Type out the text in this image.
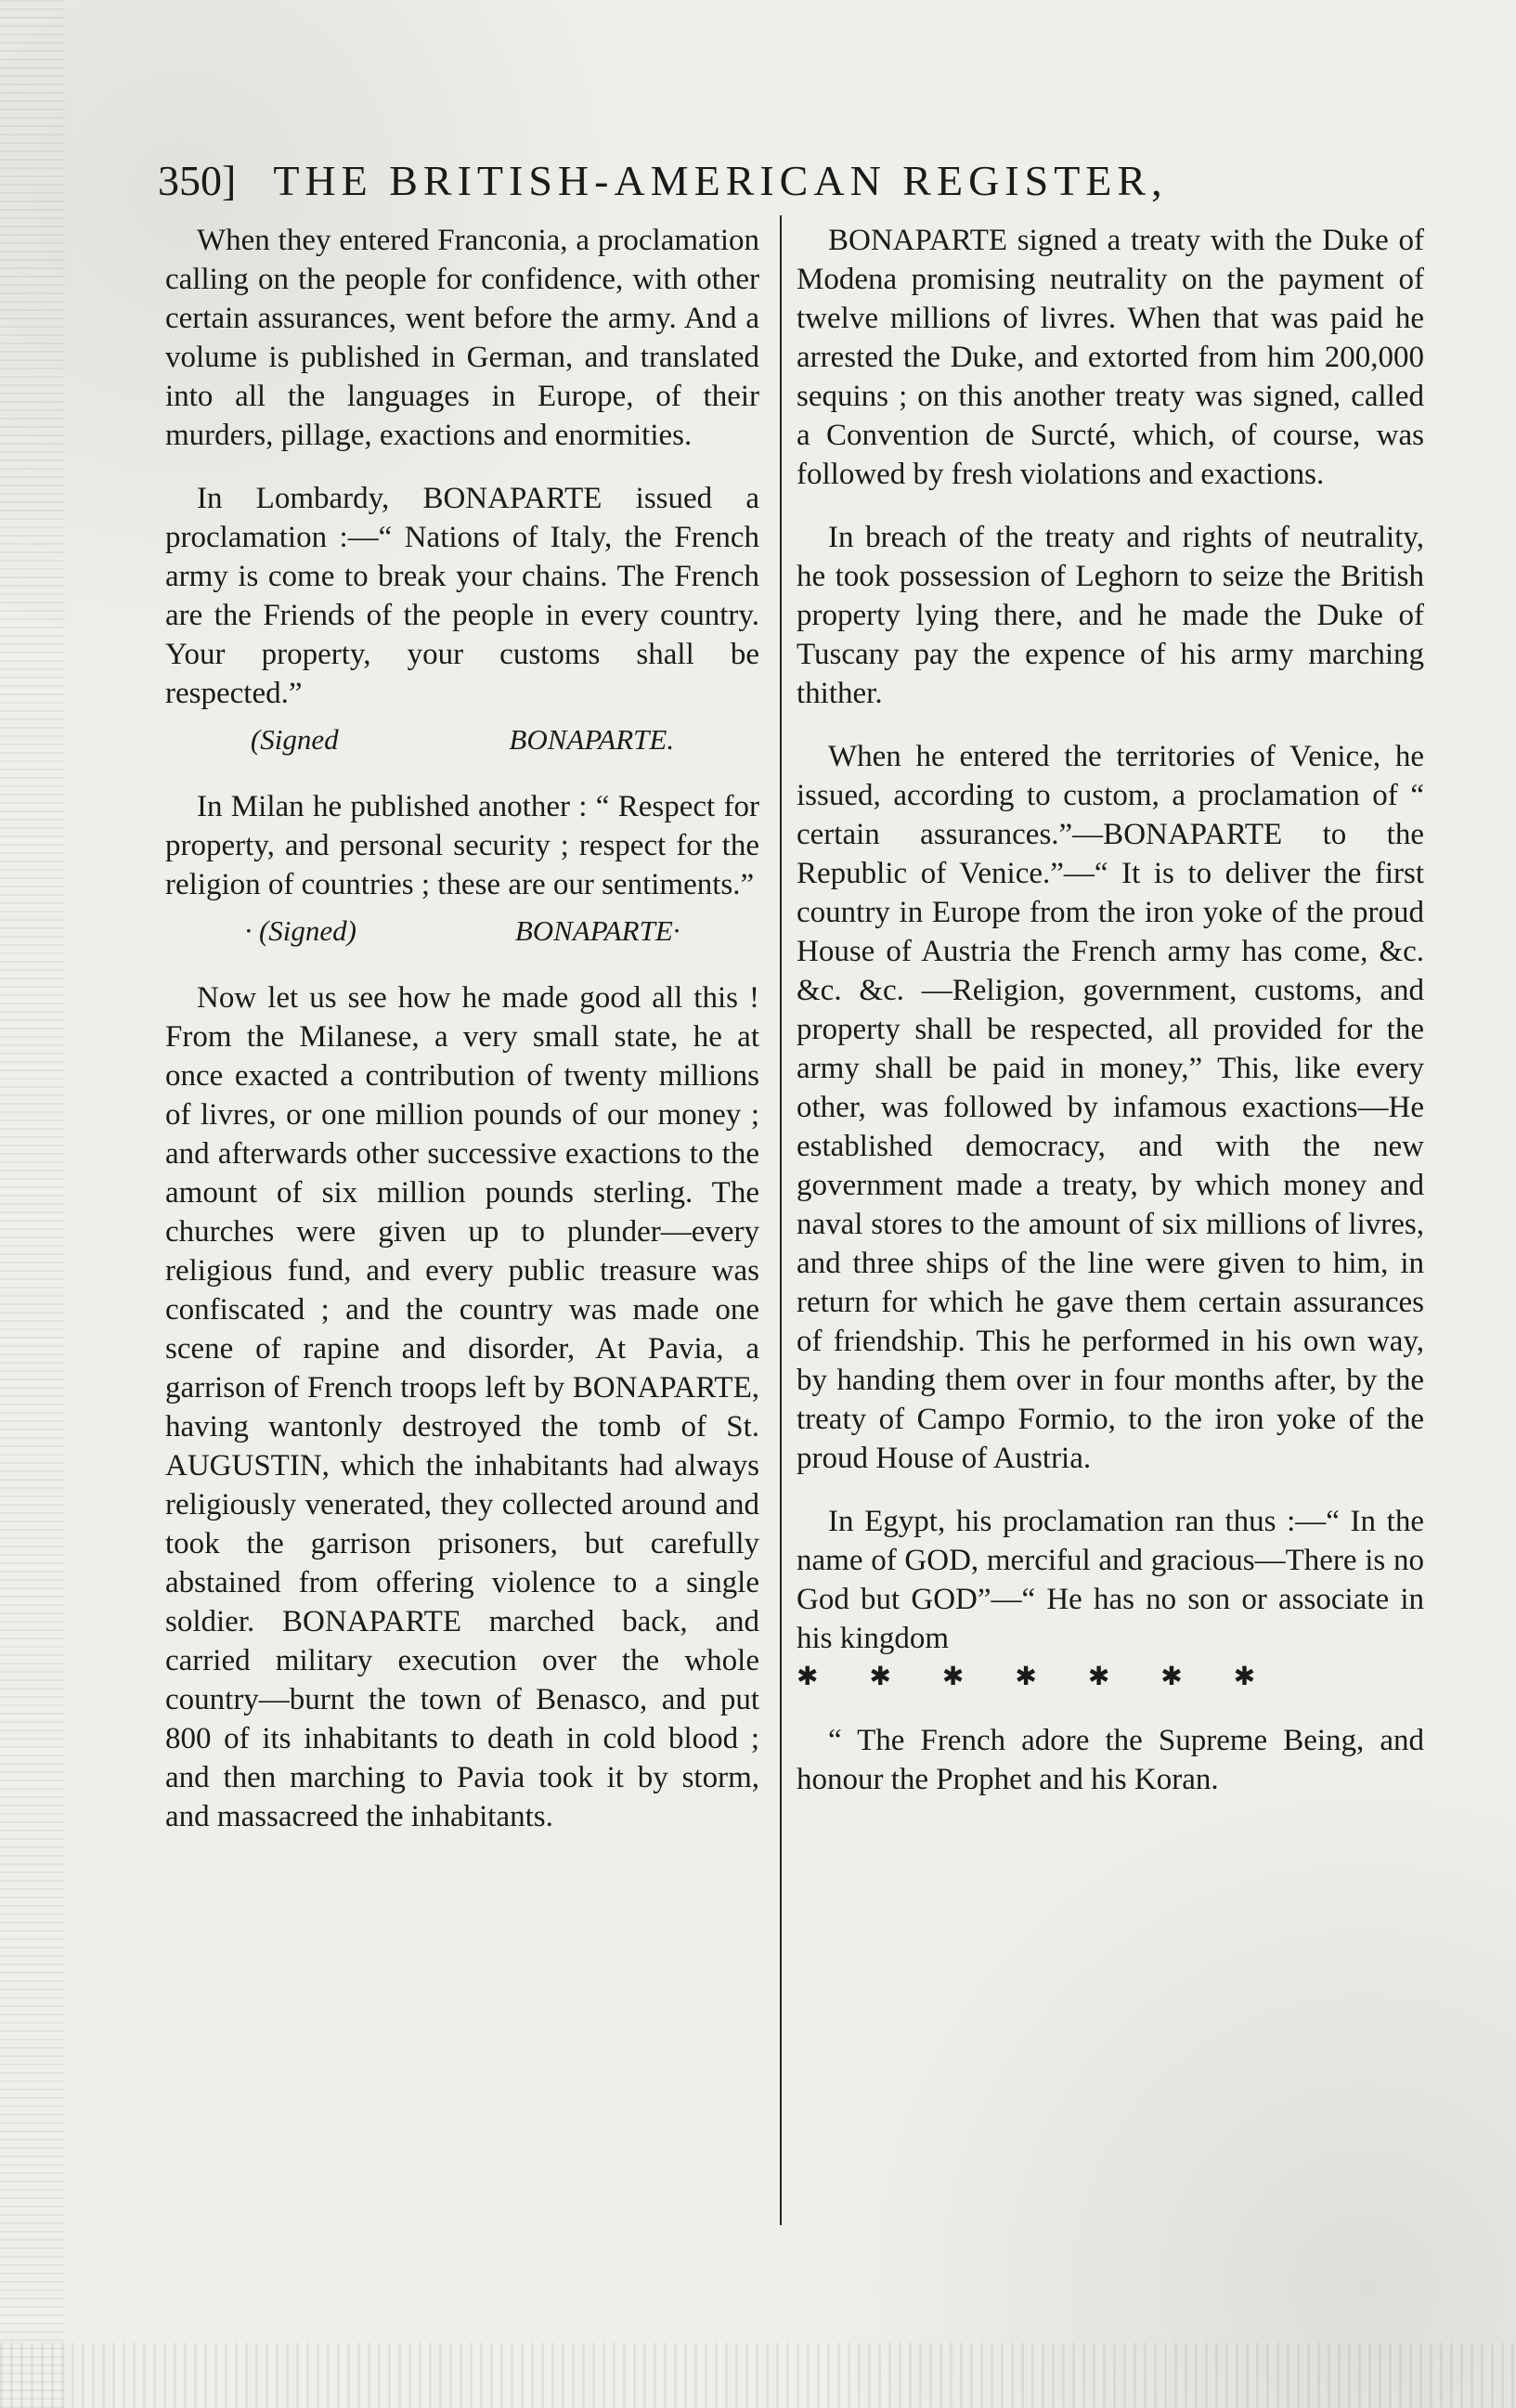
350] THE BRITISH-AMERICAN REGISTER,

When they entered Franconia, a proclamation calling on the people for confidence, with other certain assurances, went before the army. And a volume is published in German, and translated into all the languages in Europe, of their murders, pillage, exactions and enormities.

In Lombardy, BONAPARTE issued a proclamation :—“ Nations of Italy, the French army is come to break your chains. The French are the Friends of the people in every country. Your property, your customs shall be respected.”

(Signed	BONAPARTE.

In Milan he published another : “ Respect for property, and personal security ; respect for the religion of countries ; these are our sentiments.”

· (Signed)	BONAPARTE·

Now let us see how he made good all this ! From the Milanese, a very small state, he at once exacted a contribution of twenty millions of livres, or one million pounds of our money ; and afterwards other successive exactions to the amount of six million pounds sterling. The churches were given up to plunder—every religious fund, and every public treasure was confiscated ; and the country was made one scene of rapine and disorder, At Pavia, a garrison of French troops left by BONAPARTE, having wantonly destroyed the tomb of St. AUGUSTIN, which the inhabitants had always religiously venerated, they collected around and took the garrison prisoners, but carefully abstained from offering violence to a single soldier. BONAPARTE marched back, and carried military execution over the whole country—burnt the town of Benasco, and put 800 of its inhabitants to death in cold blood ; and then marching to Pavia took it by storm, and massacreed the inhabitants.

BONAPARTE signed a treaty with the Duke of Modena promising neutrality on the payment of twelve millions of livres. When that was paid he arrested the Duke, and extorted from him 200,000 sequins ; on this another treaty was signed, called a Convention de Surcté, which, of course, was followed by fresh violations and exactions.

In breach of the treaty and rights of neutrality, he took possession of Leghorn to seize the British property lying there, and he made the Duke of Tuscany pay the expence of his army marching thither.

When he entered the territories of Venice, he issued, according to custom, a proclamation of “ certain assurances.”—BONAPARTE to the Republic of Venice.”—“ It is to deliver the first country in Europe from the iron yoke of the proud House of Austria the French army has come, &c. &c. &c. —Religion, government, customs, and property shall be respected, all provided for the army shall be paid in money,” This, like every other, was followed by infamous exactions—He established democracy, and with the new government made a treaty, by which money and naval stores to the amount of six millions of livres, and three ships of the line were given to him, in return for which he gave them certain assurances of friendship. This he performed in his own way, by handing them over in four months after, by the treaty of Campo Formio, to the iron yoke of the proud House of Austria.

In Egypt, his proclamation ran thus :—“ In the name of GOD, merciful and gracious—There is no God but GOD”—“ He has no son or associate in his kingdom

✱ ✱ ✱ ✱ ✱ ✱ ✱

“ The French adore the Supreme Being, and honour the Prophet and his Koran.
